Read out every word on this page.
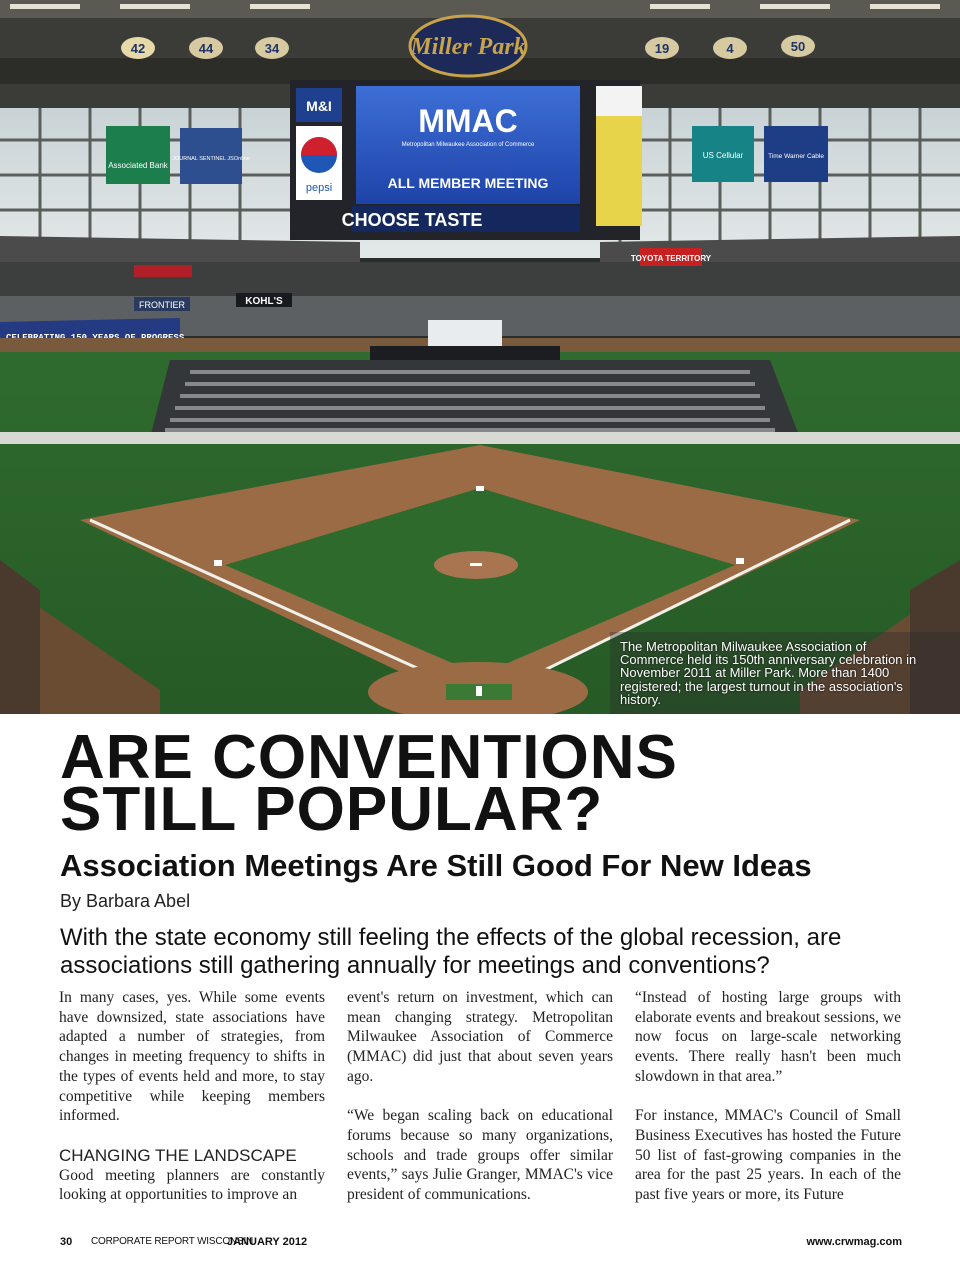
42	44	34	19	4	50
Miller Park
MMAC
Metropolitan Milwaukee Association of Commerce
ALL MEMBER MEETING
M&I
pepsi
CHOOSE TASTE
Associated Bank
JOURNAL SENTINEL JSOnline	US Cellular	Time Warner Cable
KOHL'S
FRONTIER
TOYOTA TERRITORY
The Metropolitan Milwaukee Association of Commerce held its 150th anniversary celebration in November 2011 at Miller Park. More than 1400 registered; the largest turnout in the association's history.
ARE CONVENTIONS
STILL POPULAR?
Association Meetings Are Still Good For New Ideas
By Barbara Abel
With the state economy still feeling the effects of the global recession, are associations still gathering annually for meetings and conventions?

In many cases, yes. While some events have downsized, state associations have adapted a number of strategies, from changes in meeting frequency to shifts in the types of events held and more, to stay competitive while keeping members informed.

CHANGING THE LANDSCAPE

Good meeting planners are constantly looking at opportunities to improve an

event's return on investment, which can mean changing strategy. Metropolitan Milwaukee Association of Commerce (MMAC) did just that about seven years ago.

“We began scaling back on educational forums because so many organizations, schools and trade groups offer similar events,” says Julie Granger, MMAC's vice president of communications.

“Instead of hosting large groups with elaborate events and breakout sessions, we now focus on large-scale networking events. There really hasn't been much slowdown in that area.”

For instance, MMAC's Council of Small Business Executives has hosted the Future 50 list of fast-growing companies in the area for the past 25 years. In each of the past five years or more, its Future

30 CORPORATE REPORT WISCONSIN
JANUARY 2012	www.crwmag.com
